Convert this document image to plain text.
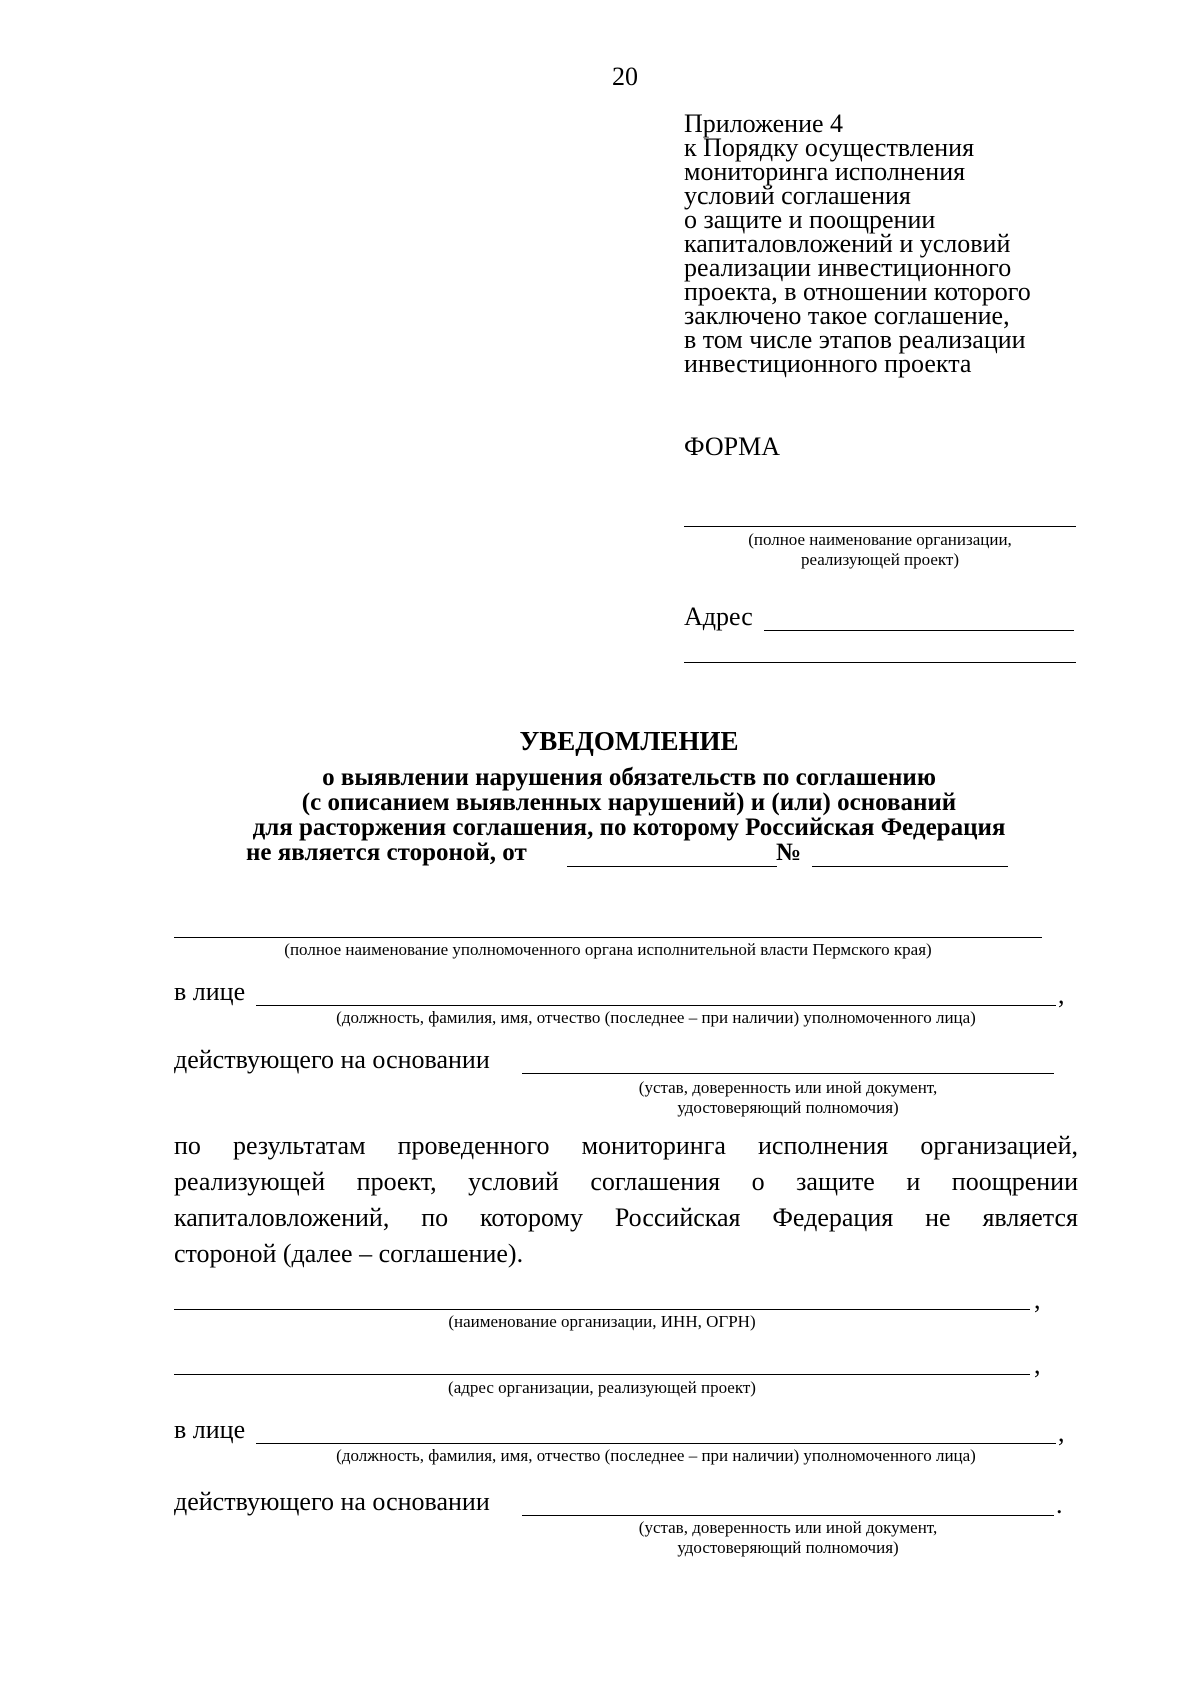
20
Приложение 4
к Порядку осуществления
мониторинга исполнения
условий соглашения
о защите и поощрении
капиталовложений и условий
реализации инвестиционного
проекта, в отношении которого
заключено такое соглашение,
в том числе этапов реализации
инвестиционного проекта
ФОРМА
(полное наименование организации,
реализующей проект)
Адрес
УВЕДОМЛЕНИЕ
о выявлении нарушения обязательств по соглашению
(с описанием выявленных нарушений) и (или) оснований
для расторжения соглашения, по которому Российская Федерация
не является стороной, от	№
(полное наименование уполномоченного органа исполнительной власти Пермского края)
в лице	,
(должность, фамилия, имя, отчество (последнее – при наличии) уполномоченного лица)
действующего на основании
(устав, доверенность или иной документ,
удостоверяющий полномочия)
по результатам проведенного мониторинга исполнения организацией,
реализующей проект, условий соглашения о защите и поощрении
капиталовложений, по которому Российская Федерация не является
стороной (далее – соглашение).
,
(наименование организации, ИНН, ОГРН)
,
(адрес организации, реализующей проект)
в лице	,
(должность, фамилия, имя, отчество (последнее – при наличии) уполномоченного лица)
действующего на основании	.
(устав, доверенность или иной документ,
удостоверяющий полномочия)
